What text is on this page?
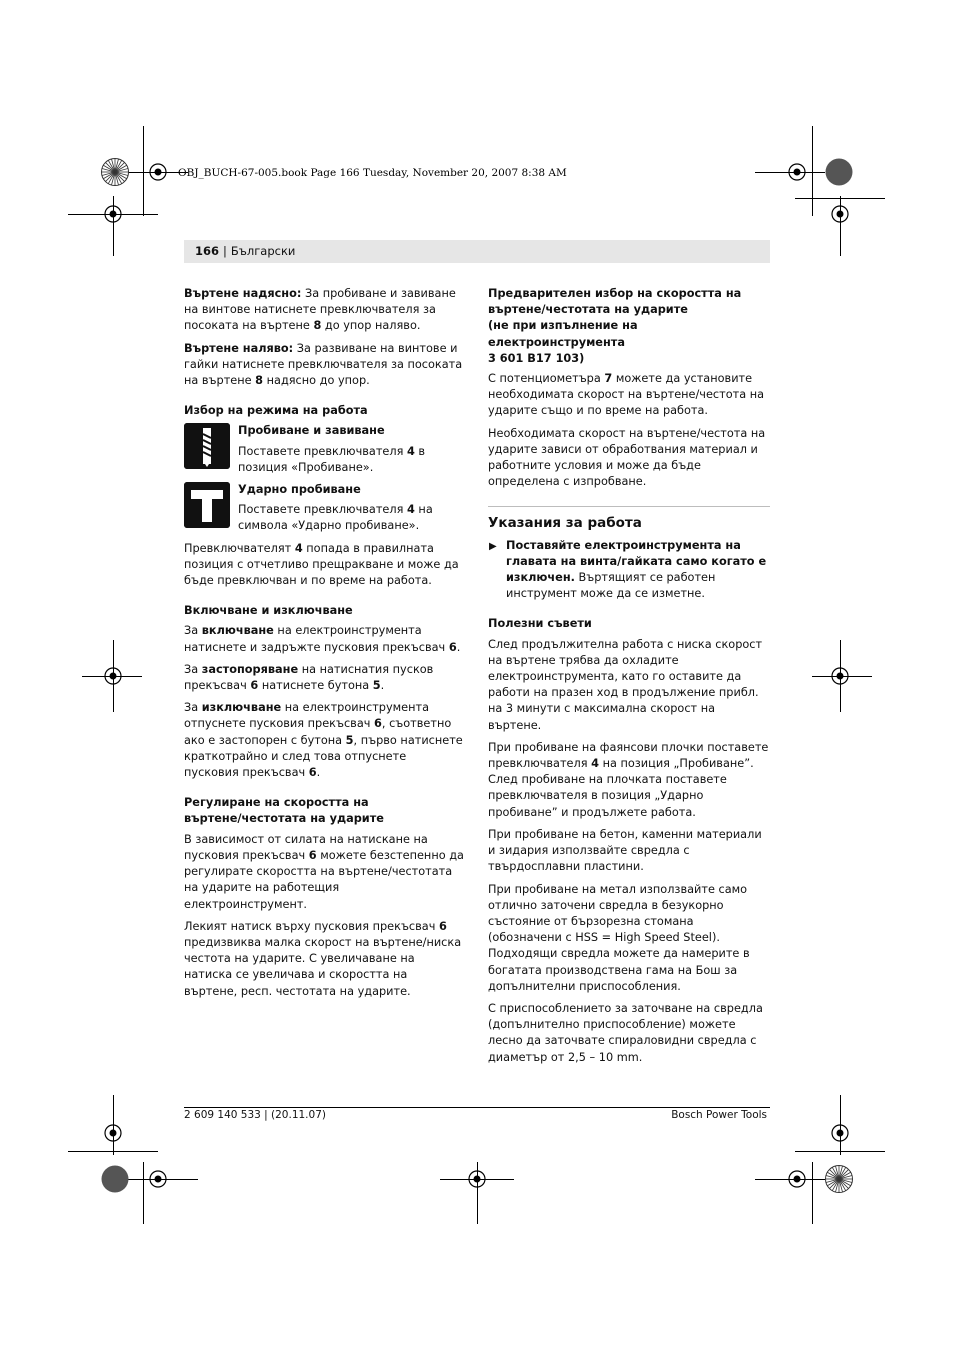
OBJ_BUCH-67-005.book Page 166 Tuesday, November 20, 2007 8:38 AM
166 | Български

Въртене надясно: За пробиване и завиване на винтове натиснете превключвателя за посоката на въртене 8 до упор наляво.

Въртене наляво: За развиване на винтове и гайки натиснете превключвателя за посоката на въртене 8 надясно до упор.

Избор на режима на работа

Пробиване и завиване

Поставете превключвателя 4 в позиция «Пробиване».

Ударно пробиване

Поставете превключвателя 4 на символа «Ударно пробиване».

Превключвателят 4 попада в правилната позиция с отчетливо прещракване и може да бъде превключван и по време на работа.

Включване и изключване

За включване на електроинструмента натиснете и задръжте пусковия прекъсвач 6.

За застопоряване на натиснатия пусков прекъсвач 6 натиснете бутона 5.

За изключване на електроинструмента отпуснете пусковия прекъсвач 6, съответно ако е застопорен с бутона 5, първо натиснете краткотрайно и след това отпуснете пусковия прекъсвач 6.

Регулиране на скоростта на
въртене/честотата на ударите

В зависимост от силата на натискане на пусковия прекъсвач 6 можете безстепенно да регулирате скоростта на въртене/честотата на ударите на работещия електроинструмент.

Лекият натиск върху пусковия прекъсвач 6 предизвиква малка скорост на въртене/ниска честота на ударите. С увеличаване на натиска се увеличава и скоростта на въртене, респ. честотата на ударите.

Предварителен избор на скоростта на
въртене/честотата на ударите
(не при изпълнение на електроинструмента
3 601 B17 103)

С потенциометъра 7 можете да установите необходимата скорост на въртене/честота на ударите също и по време на работа.

Необходимата скорост на въртене/честота на ударите зависи от обработвания материал и работните условия и може да бъде определена с изпробване.

Указания за работа

▶ Поставяйте електроинструмента на главата на винта/гайката само когато е изключен. Въртящият се работен инструмент може да се изметне.

Полезни съвети

След продължителна работа с ниска скорост на въртене трябва да охладите електроинструмента, като го оставите да работи на празен ход в продължение прибл. на 3 минути с максимална скорост на въртене.

При пробиване на фаянсови плочки поставете превключвателя 4 на позиция „Пробиване”. След пробиване на плочката поставете превключвателя в позиция „Ударно пробиване” и продължете работа.

При пробиване на бетон, каменни материали и зидария използвайте свредла с твърдосплавни пластини.

При пробиване на метал използвайте само отлично заточени свредла в безукорно състояние от бързорезна стомана (обозначени с HSS = High Speed Steel). Подходящи свредла можете да намерите в богатата производствена гама на Бош за допълнителни приспособления.

С приспособлението за заточване на свредла (допълнително приспособление) можете лесно да заточвате спираловидни свредла с диаметър от 2,5 – 10 mm.

2 609 140 533 | (20.11.07)	Bosch Power Tools
